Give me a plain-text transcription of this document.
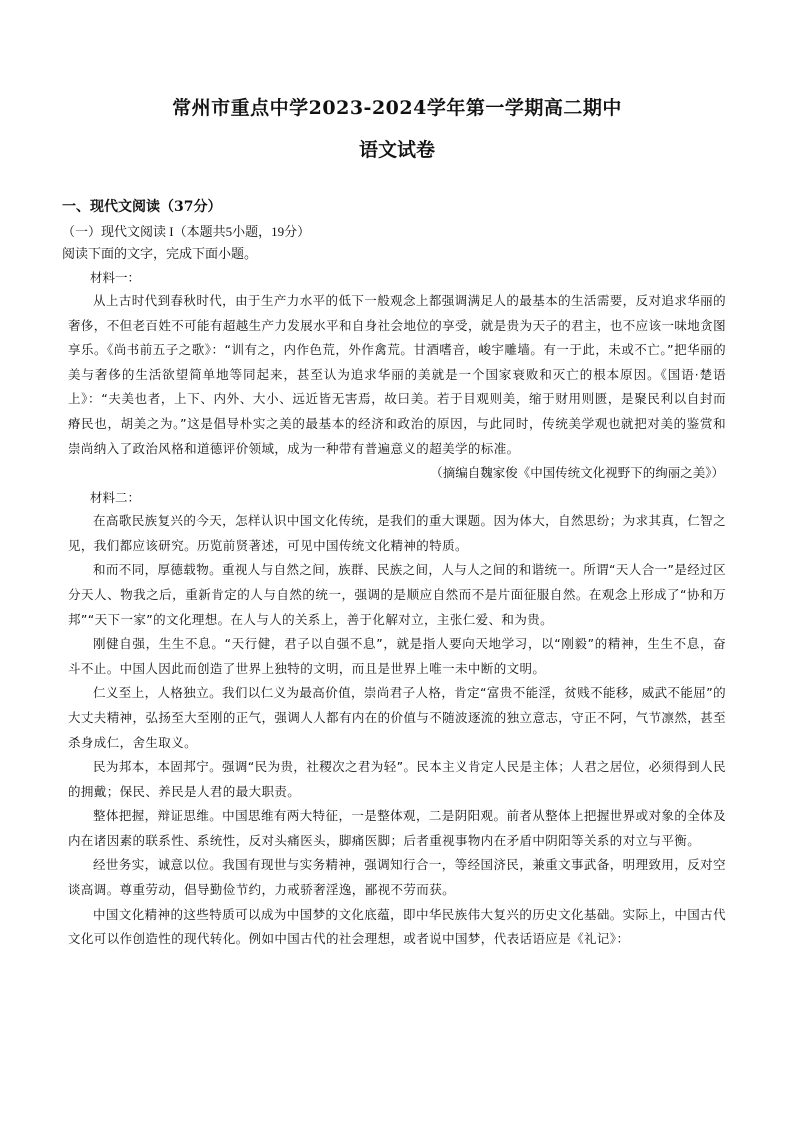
常州市重点中学2023-2024学年第一学期高二期中
语文试卷
一、现代文阅读（37分）
（一）现代文阅读 I（本题共5小题，19分）
阅读下面的文字，完成下面小题。
材料一：

从上古时代到春秋时代，由于生产力水平的低下一般观念上都强调满足人的最基本的生活需要，反对追求华丽的奢侈，不但老百姓不可能有超越生产力发展水平和自身社会地位的享受，就是贵为天子的君主，也不应该一味地贪图享乐。《尚书前五子之歌》：“训有之，内作色荒，外作禽荒。甘酒嗜音，峻宇雕墙。有一于此，未或不亡。”把华丽的美与奢侈的生活欲望简单地等同起来，甚至认为追求华丽的美就是一个国家衰败和灭亡的根本原因。《国语·楚语上》：“夫美也者，上下、内外、大小、远近皆无害焉，故曰美。若于目观则美，缩于财用则匮，是聚民利以自封而瘠民也，胡美之为。”这是倡导朴实之美的最基本的经济和政治的原因，与此同时，传统美学观也就把对美的鉴赏和崇尚纳入了政治风格和道德评价领域，成为一种带有普遍意义的超美学的标准。

（摘编自魏家俊《中国传统文化视野下的绚丽之美》）
材料二：

在高歌民族复兴的今天，怎样认识中国文化传统，是我们的重大课题。因为体大，自然思纷；为求其真，仁智之见，我们都应该研究。历览前贤著述，可见中国传统文化精神的特质。

和而不同，厚德载物。重视人与自然之间，族群、民族之间，人与人之间的和谐统一。所谓“天人合一”是经过区分天人、物我之后，重新肯定的人与自然的统一，强调的是顺应自然而不是片面征服自然。在观念上形成了“协和万邦”“天下一家”的文化理想。在人与人的关系上，善于化解对立，主张仁爱、和为贵。

刚健自强，生生不息。“天行健，君子以自强不息”，就是指人要向天地学习，以“刚毅”的精神，生生不息，奋斗不止。中国人因此而创造了世界上独特的文明，而且是世界上唯一未中断的文明。

仁义至上，人格独立。我们以仁义为最高价值，崇尚君子人格，肯定“富贵不能淫，贫贱不能移，威武不能屈”的大丈夫精神，弘扬至大至刚的正气，强调人人都有内在的价值与不随波逐流的独立意志，守正不阿，气节凛然，甚至杀身成仁，舍生取义。

民为邦本，本固邦宁。强调“民为贵，社稷次之君为轻”。民本主义肯定人民是主体；人君之居位，必须得到人民的拥戴；保民、养民是人君的最大职责。

整体把握，辩证思维。中国思维有两大特征，一是整体观，二是阴阳观。前者从整体上把握世界或对象的全体及内在诸因素的联系性、系统性，反对头痛医头，脚痛医脚；后者重视事物内在矛盾中阴阳等关系的对立与平衡。

经世务实，诚意以位。我国有现世与实务精神，强调知行合一，等经国济民，兼重文事武备，明理致用，反对空谈高调。尊重劳动，倡导勤俭节约，力戒骄奢淫逸，鄙视不劳而获。

中国文化精神的这些特质可以成为中国梦的文化底蕴，即中华民族伟大复兴的历史文化基础。实际上，中国古代文化可以作创造性的现代转化。例如中国古代的社会理想，或者说中国梦，代表话语应是《礼记》：
